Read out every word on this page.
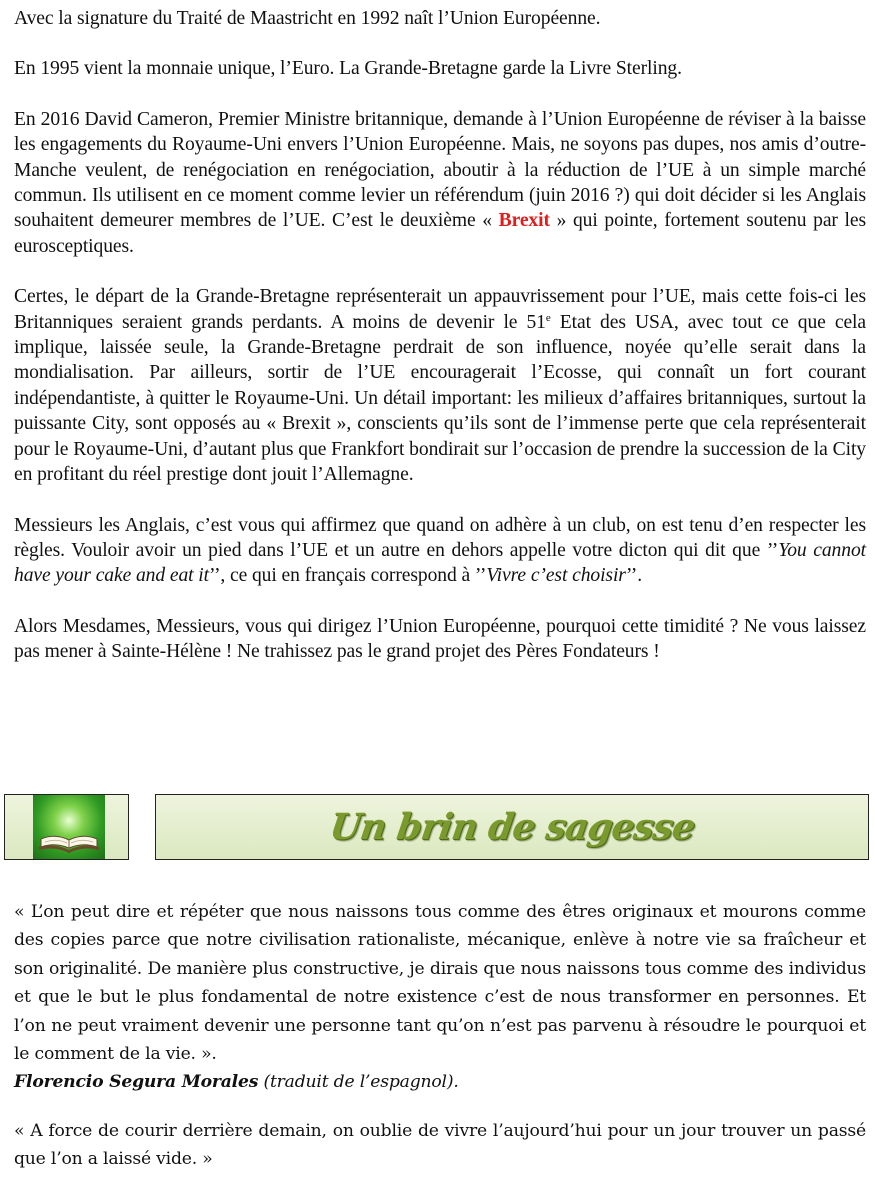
Avec la signature du Traité de Maastricht en 1992 naît l’Union Européenne.

En 1995 vient la monnaie unique, l’Euro. La Grande-Bretagne garde la Livre Sterling.

En 2016 David Cameron, Premier Ministre britannique, demande à l’Union Européenne de réviser à la baisse les engagements du Royaume-Uni envers l’Union Européenne. Mais, ne soyons pas dupes, nos amis d’outre-Manche veulent, de renégociation en renégociation, aboutir à la réduction de l’UE à un simple marché commun. Ils utilisent en ce moment comme levier un référendum (juin 2016 ?) qui doit décider si les Anglais souhaitent demeurer membres de l’UE. C’est le deuxième « Brexit » qui pointe, fortement soutenu par les eurosceptiques.

Certes, le départ de la Grande-Bretagne représenterait un appauvrissement pour l’UE, mais cette fois-ci les Britanniques seraient grands perdants. A moins de devenir le 51e Etat des USA, avec tout ce que cela implique, laissée seule, la Grande-Bretagne perdrait de son influence, noyée qu’elle serait dans la mondialisation. Par ailleurs, sortir de l’UE encouragerait l’Ecosse, qui connaît un fort courant indépendantiste, à quitter le Royaume-Uni. Un détail important: les milieux d’affaires britanniques, surtout la puissante City, sont opposés au « Brexit », conscients qu’ils sont de l’immense perte que cela représenterait pour le Royaume-Uni, d’autant plus que Frankfort bondirait sur l’occasion de prendre la succession de la City en profitant du réel prestige dont jouit l’Allemagne.

Messieurs les Anglais, c’est vous qui affirmez que quand on adhère à un club, on est tenu d’en respecter les règles. Vouloir avoir un pied dans l’UE et un autre en dehors appelle votre dicton qui dit que ’’You cannot have your cake and eat it’’, ce qui en français correspond à ’’Vivre c’est choisir’’.

Alors Mesdames, Messieurs, vous qui dirigez l’Union Européenne, pourquoi cette timidité ? Ne vous laissez pas mener à Sainte-Hélène ! Ne trahissez pas le grand projet des Pères Fondateurs !

Un brin de sagesse

« L’on peut dire et répéter que nous naissons tous comme des êtres originaux et mourons comme des copies parce que notre civilisation rationaliste, mécanique, enlève à notre vie sa fraîcheur et son originalité. De manière plus constructive, je dirais que nous naissons tous comme des individus et que le but le plus fondamental de notre existence c’est de nous transformer en personnes. Et l’on ne peut vraiment devenir une personne tant qu’on n’est pas parvenu à résoudre le pourquoi et le comment de la vie. ».
Florencio Segura Morales (traduit de l’espagnol).

« A force de courir derrière demain, on oublie de vivre l’aujourd’hui pour un jour trouver un passé que l’on a laissé vide. »
